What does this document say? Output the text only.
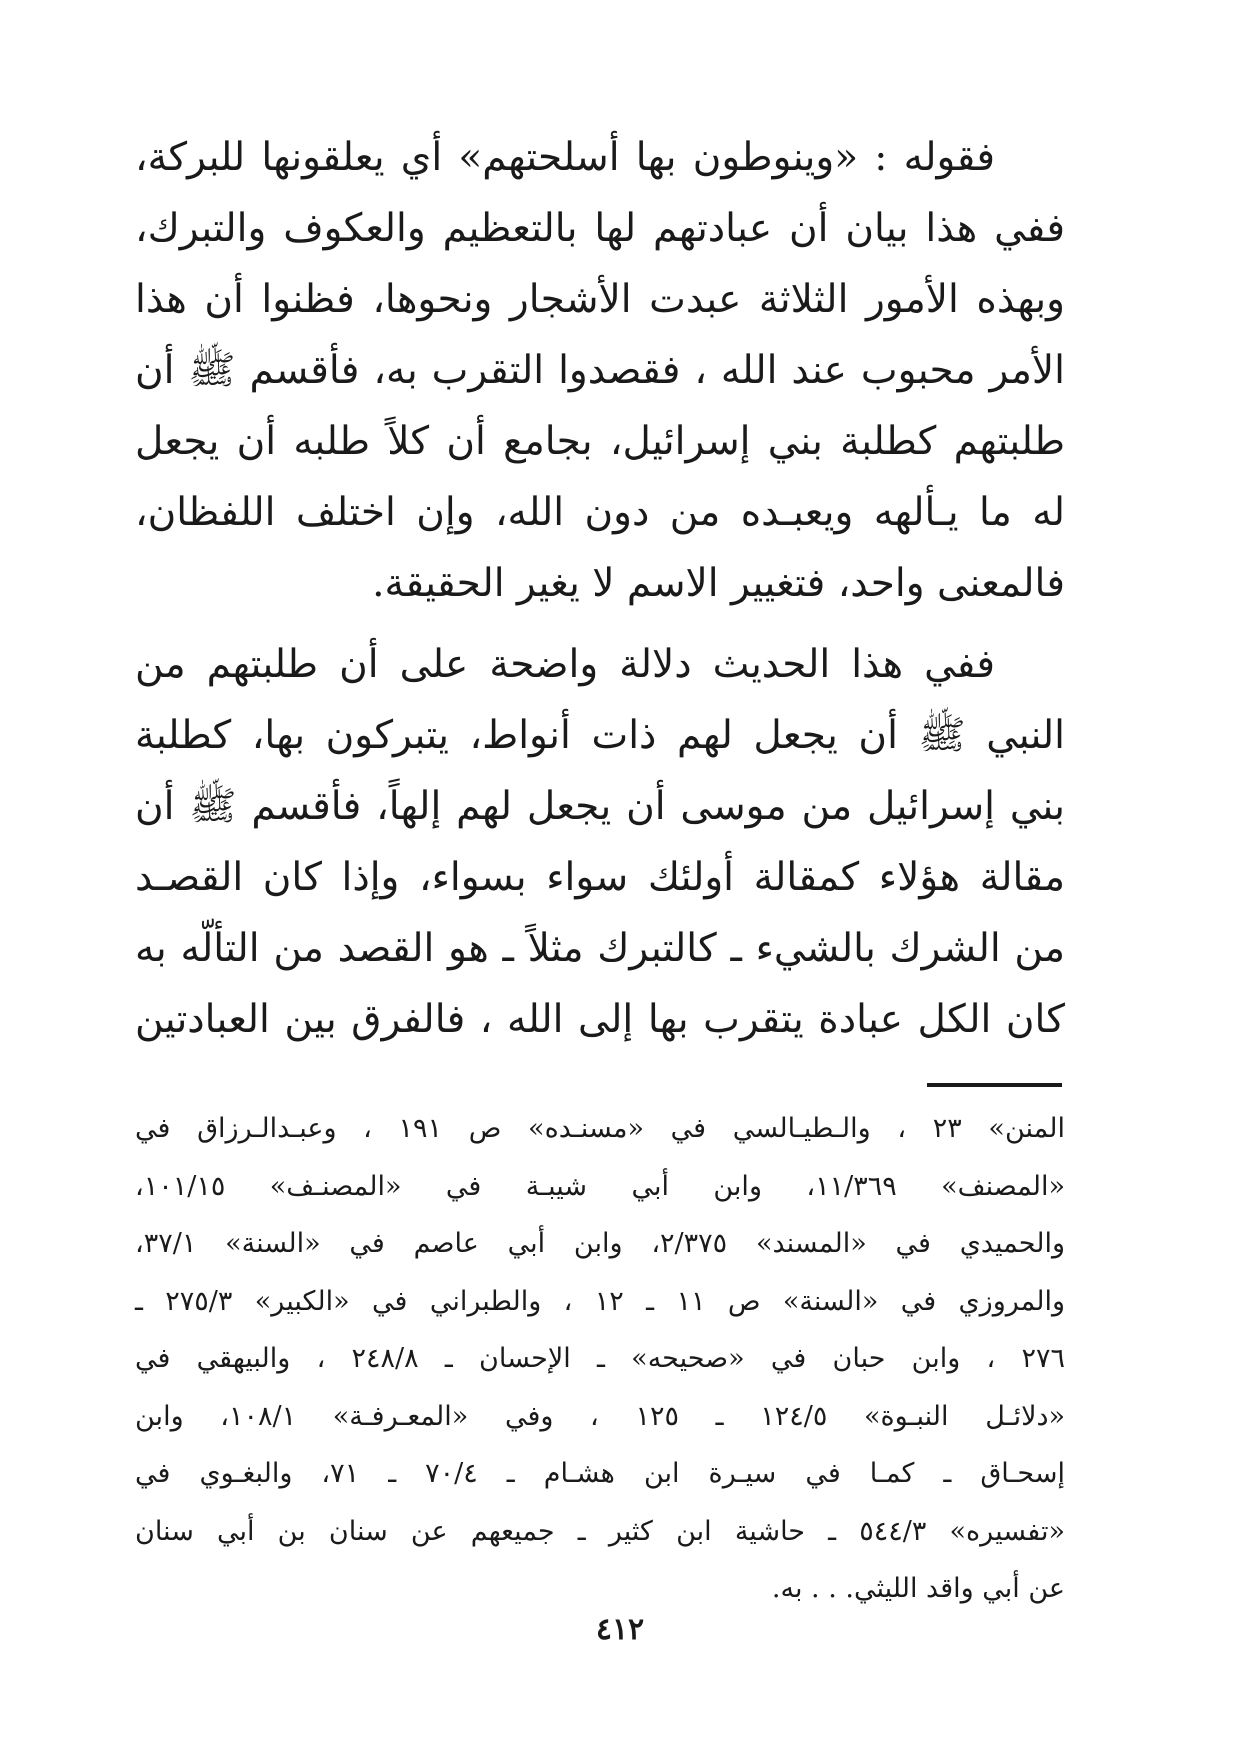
فقوله : «وينوطون بها أسلحتهم» أي يعلقونها للبركة،
ففي هذا بيان أن عبادتهم لها بالتعظيم والعكوف والتبرك،
وبهذه الأمور الثلاثة عبدت الأشجار ونحوها، فظنوا أن هذا
الأمر محبوب عند الله ، فقصدوا التقرب به، فأقسم ﷺ أن
طلبتهم كطلبة بني إسرائيل، بجامع أن كلاً طلبه أن يجعل
له ما يـألهه ويعبـده من دون الله، وإن اختلف اللفظان،
فالمعنى واحد، فتغيير الاسم لا يغير الحقيقة.
ففي هذا الحديث دلالة واضحة على أن طلبتهم من
النبي ﷺ أن يجعل لهم ذات أنواط، يتبركون بها، كطلبة
بني إسرائيل من موسى أن يجعل لهم إلهاً، فأقسم ﷺ أن
مقالة هؤلاء كمقالة أولئك سواء بسواء، وإذا كان القصـد
من الشرك بالشيء ـ كالتبرك مثلاً ـ هو القصد من التألّه به
كان الكل عبادة يتقرب بها إلى الله ، فالفرق بين العبادتين
المنن» ٢٣ ، والـطيـالسي في «مسنـده» ص ١٩١ ، وعبـدالـرزاق في
«المصنف» ١١/٣٦٩، وابن أبي شيبـة في «المصنـف» ١٠١/١٥،
والحميدي في «المسند» ٢/٣٧٥، وابن أبي عاصم في «السنة» ٣٧/١،
والمروزي في «السنة» ص ١١ ـ ١٢ ، والطبراني في «الكبير» ٢٧٥/٣ ـ
٢٧٦ ، وابن حبان في «صحيحه» ـ الإحسان ـ ٢٤٨/٨ ، والبيهقي في
«دلائـل النبـوة» ١٢٤/٥ ـ ١٢٥ ، وفي «المعـرفـة» ١٠٨/١، وابن
إسحـاق ـ كمـا في سيـرة ابن هشـام ـ ٧٠/٤ ـ ٧١، والبغـوي في
«تفسيره» ٥٤٤/٣ ـ حاشية ابن كثير ـ جميعهم عن سنان بن أبي سنان
عن أبي واقد الليثي. . . به.
٤١٢
